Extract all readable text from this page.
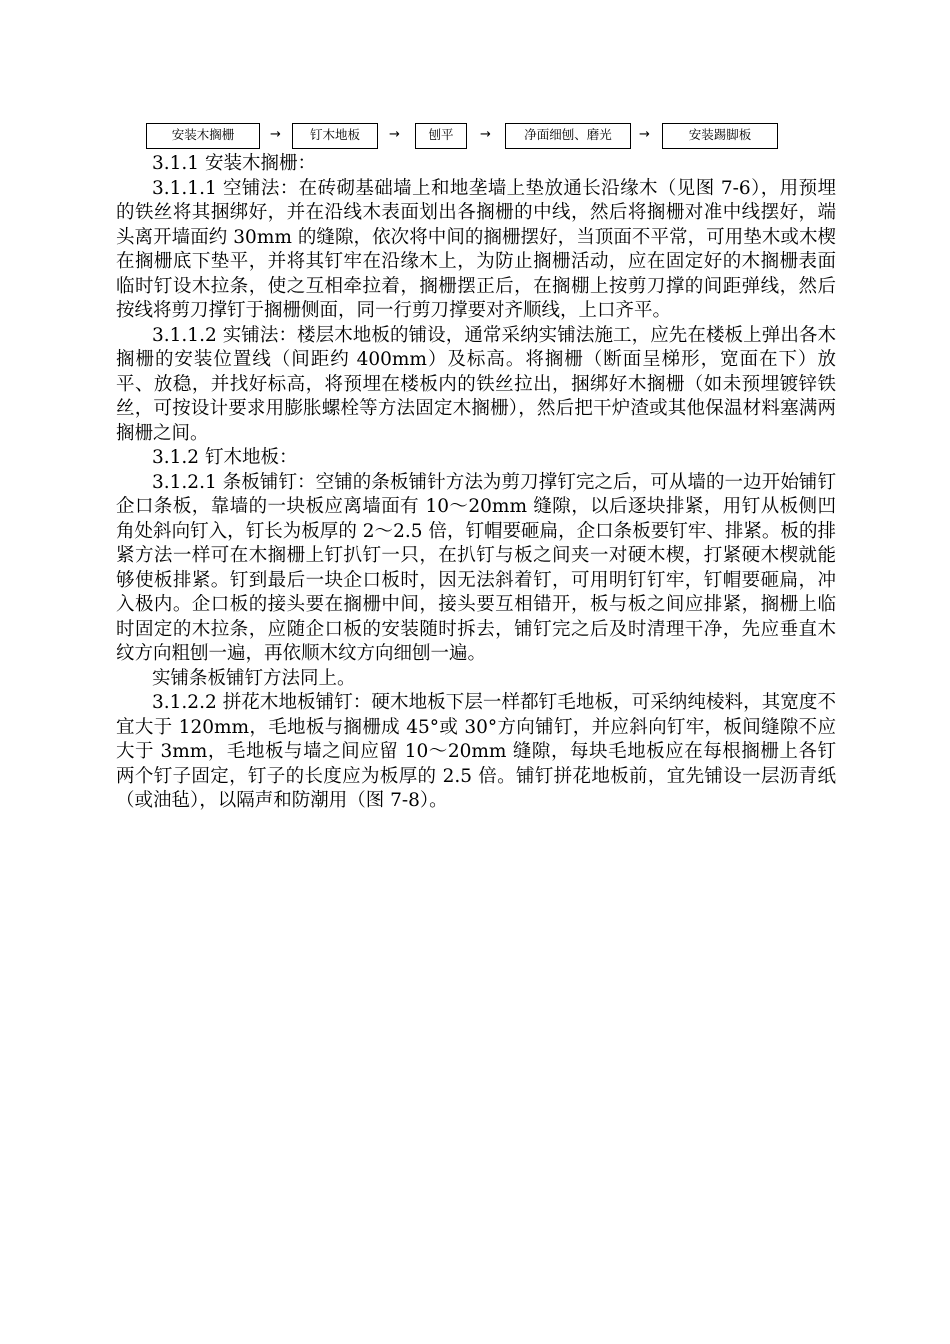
安装木搁栅	→	钉木地板	→	刨平	→	净面细刨、磨光	→	安装踢脚板

3.1.1 安装木搁栅：

3.1.1.1 空铺法：在砖砌基础墙上和地垄墙上垫放通长沿缘木（见图 7-6），用预埋的铁丝将其捆绑好，并在沿线木表面划出各搁栅的中线，然后将搁栅对准中线摆好，端头离开墙面约 30mm 的缝隙，依次将中间的搁栅摆好，当顶面不平常，可用垫木或木楔在搁栅底下垫平，并将其钉牢在沿缘木上，为防止搁栅活动，应在固定好的木搁栅表面临时钉设木拉条，使之互相牵拉着，搁栅摆正后，在搁棚上按剪刀撑的间距弹线，然后按线将剪刀撑钉于搁栅侧面，同一行剪刀撑要对齐顺线，上口齐平。

3.1.1.2 实铺法：楼层木地板的铺设，通常采纳实铺法施工，应先在楼板上弹出各木搁栅的安装位置线（间距约 400mm）及标高。将搁栅（断面呈梯形，宽面在下）放平、放稳，并找好标高，将预埋在楼板内的铁丝拉出，捆绑好木搁栅（如未预埋镀锌铁丝，可按设计要求用膨胀螺栓等方法固定木搁栅），然后把干炉渣或其他保温材料塞满两搁栅之间。

3.1.2 钉木地板：

3.1.2.1 条板铺钉：空铺的条板铺针方法为剪刀撑钉完之后，可从墙的一边开始铺钉企口条板，靠墙的一块板应离墙面有 10～20mm 缝隙，以后逐块排紧，用钉从板侧凹角处斜向钉入，钉长为板厚的 2～2.5 倍，钉帽要砸扁，企口条板要钉牢、排紧。板的排紧方法一样可在木搁栅上钉扒钉一只，在扒钉与板之间夹一对硬木楔，打紧硬木楔就能够使板排紧。钉到最后一块企口板时，因无法斜着钉，可用明钉钉牢，钉帽要砸扁，冲入极内。企口板的接头要在搁栅中间，接头要互相错开，板与板之间应排紧，搁栅上临时固定的木拉条，应随企口板的安装随时拆去，铺钉完之后及时清理干净，先应垂直木纹方向粗刨一遍，再依顺木纹方向细刨一遍。

实铺条板铺钉方法同上。

3.1.2.2 拼花木地板铺钉：硬木地板下层一样都钉毛地板，可采纳纯棱料，其宽度不宜大于 120mm，毛地板与搁栅成 45°或 30°方向铺钉，并应斜向钉牢，板间缝隙不应大于 3mm，毛地板与墙之间应留 10～20mm 缝隙，每块毛地板应在每根搁栅上各钉两个钉子固定，钉子的长度应为板厚的 2.5 倍。铺钉拼花地板前，宜先铺设一层沥青纸（或油毡），以隔声和防潮用（图 7-8）。
